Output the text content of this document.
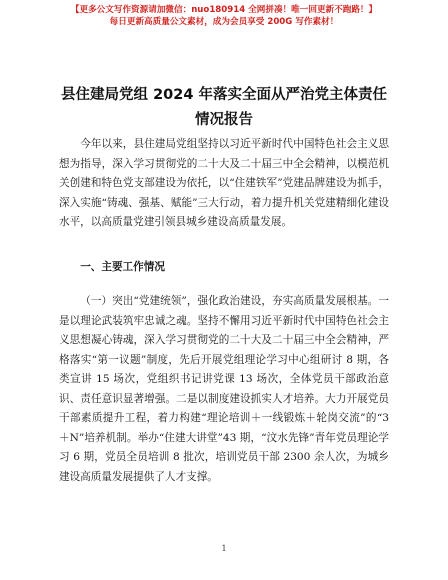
【更多公文写作资源请加微信：nuo180914 全网拼凑！唯一回更新不跑路！】
每日更新高质量公文素材，成为会员享受 200G 写作素材！
县住建局党组 2024 年落实全面从严治党主体责任情况报告
今年以来，县住建局党组坚持以习近平新时代中国特色社会主义思想为指导，深入学习贯彻党的二十大及二十届三中全会精神，以模范机关创建和特色党支部建设为依托，以“住建铁军”党建品牌建设为抓手，深入实施“铸魂、强基、赋能”三大行动，着力提升机关党建精细化建设水平，以高质量党建引领县城乡建设高质量发展。
一、主要工作情况
（一）突出“党建统领”，强化政治建设，夯实高质量发展根基。一是以理论武装筑牢忠诚之魂。坚持不懈用习近平新时代中国特色社会主义思想凝心铸魂，深入学习贯彻党的二十大及二十届三中全会精神，严格落实“第一议题”制度，先后开展党组理论学习中心组研讨 8 期，各类宣讲 15 场次，党组织书记讲党课 13 场次，全体党员干部政治意识、责任意识显著增强。二是以制度建设抓实人才培养。大力开展党员干部素质提升工程，着力构建“理论培训＋一线锻炼＋轮岗交流”的“3＋N”培养机制。举办“住建大讲堂”43 期，“汶水先锋”青年党员理论学习 6 期，党员全员培训 8 批次，培训党员干部 2300 余人次，为城乡建设高质量发展提供了人才支撑。
1
